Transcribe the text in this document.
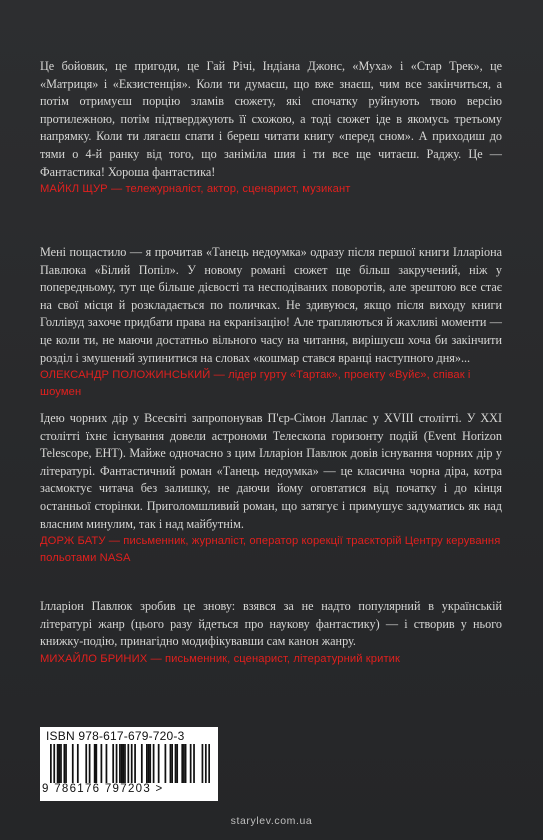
Це бойовик, це пригоди, це Гай Річі, Індіана Джонс, «Муха» і «Стар Трек», це «Матриця» і «Екзистенція». Коли ти думаєш, що вже знаєш, чим все закінчиться, а потім отримуєш порцію зламів сюжету, які спочатку руйнують твою версію протилежною, потім підтверджують її схожою, а тоді сюжет іде в якомусь третьому напрямку. Коли ти лягаєш спати і береш читати книгу «перед сном». А приходиш до тями о 4-й ранку від того, що заніміла шия і ти все ще читаєш. Раджу. Це — Фантастика! Хороша фантастика!

МАЙКЛ ЩУР — тележурналіст, актор, сценарист, музикант

Мені пощастило — я прочитав «Танець недоумка» одразу після першої книги Ілларіона Павлюка «Білий Попіл». У новому романі сюжет ще більш закручений, ніж у попередньому, тут ще більше дієвості та несподіваних поворотів, але зрештою все стає на свої місця й розкладається по поличках. Не здивуюся, якщо після виходу книги Голлівуд захоче придбати права на екранізацію! Але трапляються й жахливі моменти — це коли ти, не маючи достатньо вільного часу на читання, вирішуєш хоча би закінчити розділ і змушений зупинитися на словах «кошмар стався вранці наступного дня»...

ОЛЕКСАНДР ПОЛОЖИНСЬКИЙ — лідер гурту «Тартак», проекту «Вуйє», співак і шоумен

Ідею чорних дір у Всесвіті запропонував П'єр-Сімон Лаплас у XVIII столітті. У XXI столітті їхнє існування довели астрономи Телескопа горизонту подій (Event Horizon Telescope, EHT). Майже одночасно з цим Ілларіон Павлюк довів існування чорних дір у літературі. Фантастичний роман «Танець недоумка» — це класична чорна діра, котра засмоктує читача без залишку, не даючи йому оговтатися від початку і до кінця останньої сторінки. Приголомшливий роман, що затягує і примушує задуматись як над власним минулим, так і над майбутнім.

ДОРЖ БАТУ — письменник, журналіст, оператор корекції траєкторій Центру керування польотами NASA

Ілларіон Павлюк зробив це знову: взявся за не надто популярний в українській літературі жанр (цього разу йдеться про наукову фантастику) — і створив у нього книжку-подію, принагідно модифікувавши сам канон жанру.

МИХАЙЛО БРИНИХ — письменник, сценарист, літературний критик
ISBN 978-617-679-720-3
9 786176 797203 >
starylev.com.ua
